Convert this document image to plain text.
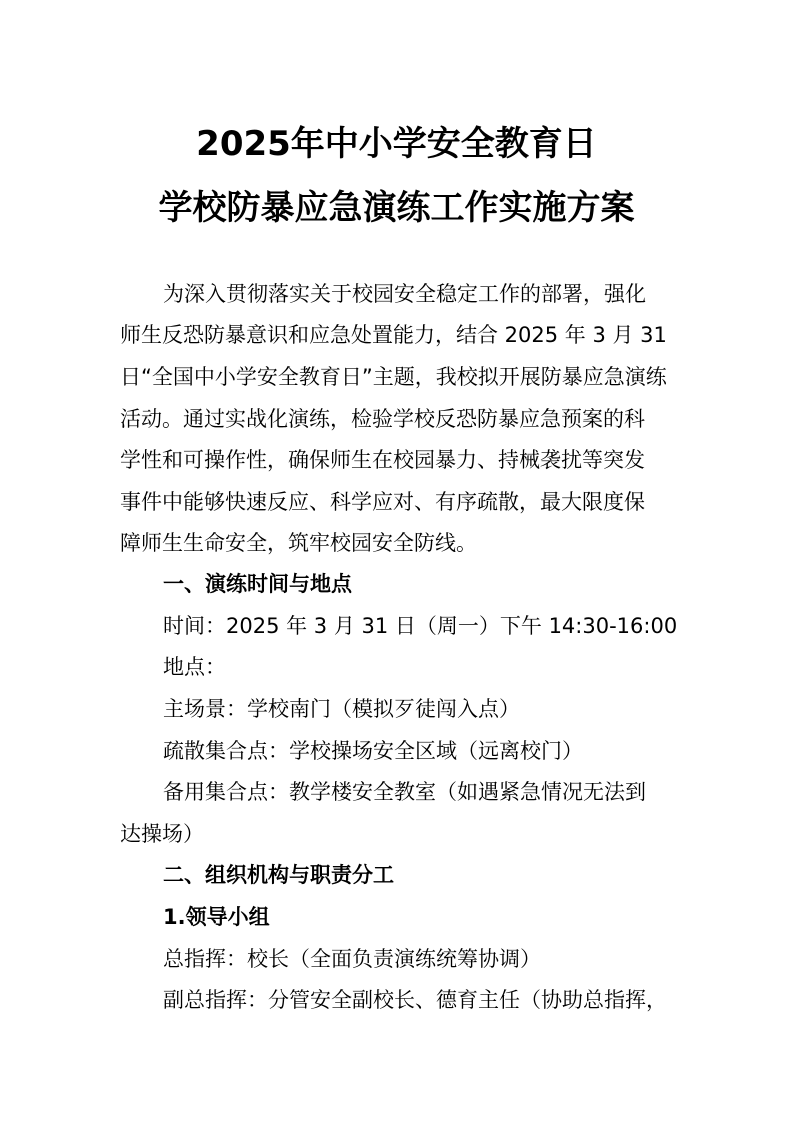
2025年中小学安全教育日
学校防暴应急演练工作实施方案
为深入贯彻落实关于校园安全稳定工作的部署，强化
师生反恐防暴意识和应急处置能力，结合 2025 年 3 月 31
日“全国中小学安全教育日”主题，我校拟开展防暴应急演练
活动。通过实战化演练，检验学校反恐防暴应急预案的科
学性和可操作性，确保师生在校园暴力、持械袭扰等突发
事件中能够快速反应、科学应对、有序疏散，最大限度保
障师生生命安全，筑牢校园安全防线。
一、演练时间与地点
时间：2025 年 3 月 31 日（周一）下午 14:30-16:00
地点：
主场景：学校南门（模拟歹徒闯入点）
疏散集合点：学校操场安全区域（远离校门）
备用集合点：教学楼安全教室（如遇紧急情况无法到
达操场）
二、组织机构与职责分工
1.领导小组
总指挥：校长（全面负责演练统筹协调）
副总指挥：分管安全副校长、德育主任（协助总指挥，
